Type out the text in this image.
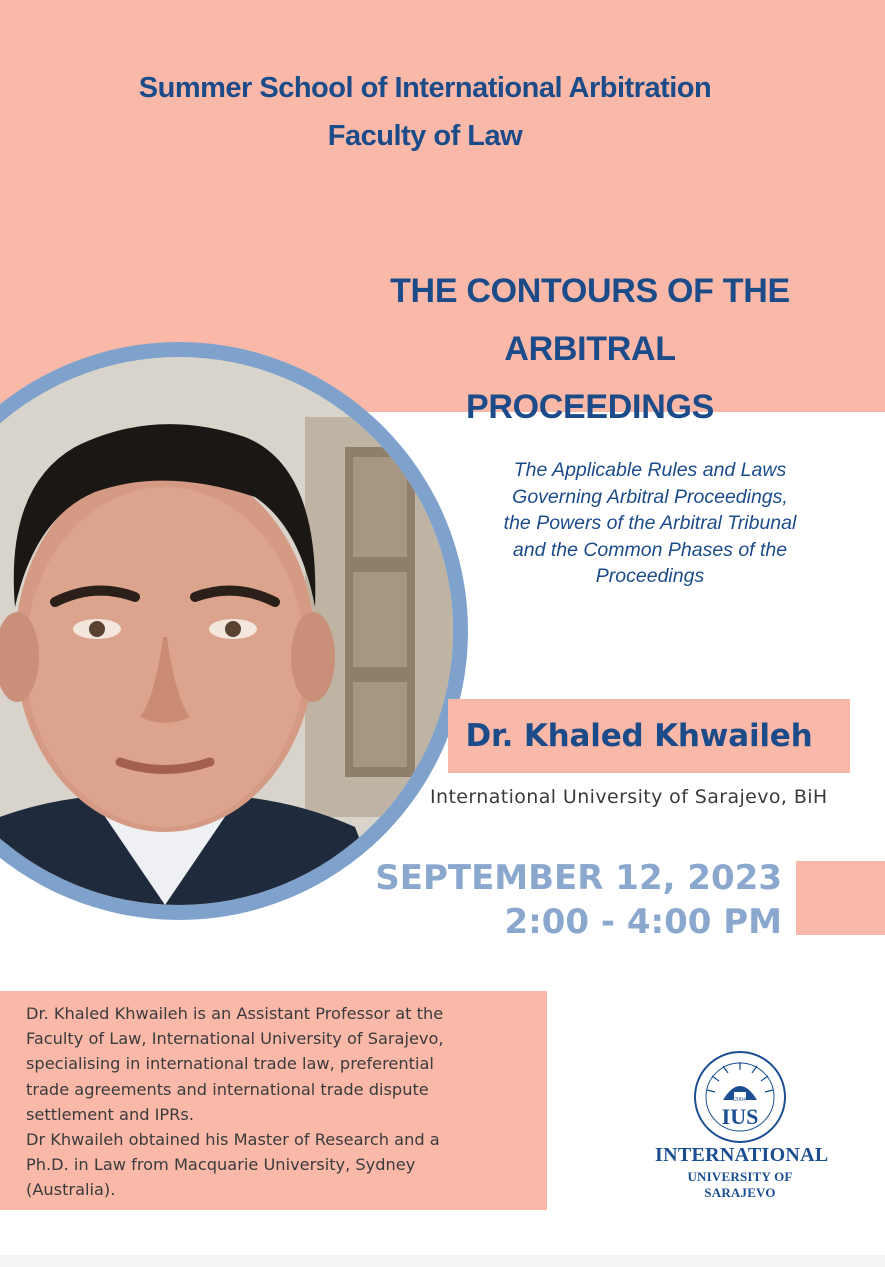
Summer School of International Arbitration
Faculty of Law
THE CONTOURS OF THE ARBITRAL
PROCEEDINGS
The Applicable Rules and Laws
Governing Arbitral Proceedings,
the Powers of the Arbitral Tribunal
and the Common Phases of the
Proceedings
Dr. Khaled Khwaileh
International University of Sarajevo, BiH
SEPTEMBER 12, 2023
2:00 - 4:00 PM
Dr. Khaled Khwaileh is an Assistant Professor at the
Faculty of Law, International University of Sarajevo,
specialising in international trade law, preferential
trade agreements and international trade dispute
settlement and IPRs.
Dr Khwaileh obtained his Master of Research and a
Ph.D. in Law from Macquarie University, Sydney
(Australia).
2004
IUS
INTERNATIONAL
UNIVERSITY OF SARAJEVO
